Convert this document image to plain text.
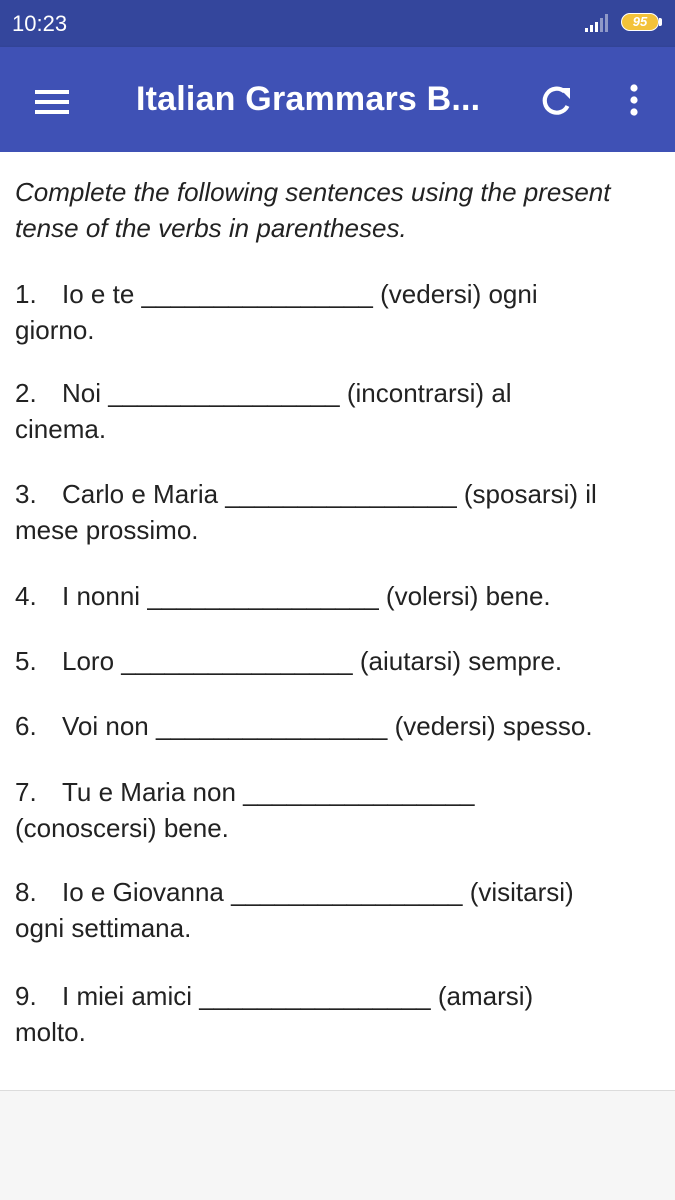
10:23	95
Italian Grammars B...
Complete the following sentences using the present tense of the verbs in parentheses.
1. Io e te ________________ (vedersi) ogni
giorno.
2. Noi ________________ (incontrarsi) al
cinema.
3. Carlo e Maria ________________ (sposarsi) il
mese prossimo.
4. I nonni ________________ (volersi) bene.
5. Loro ________________ (aiutarsi) sempre.
6. Voi non ________________ (vedersi) spesso.
7. Tu e Maria non ________________
(conoscersi) bene.
8. Io e Giovanna ________________ (visitarsi)
ogni settimana.
9. I miei amici ________________ (amarsi)
molto.
